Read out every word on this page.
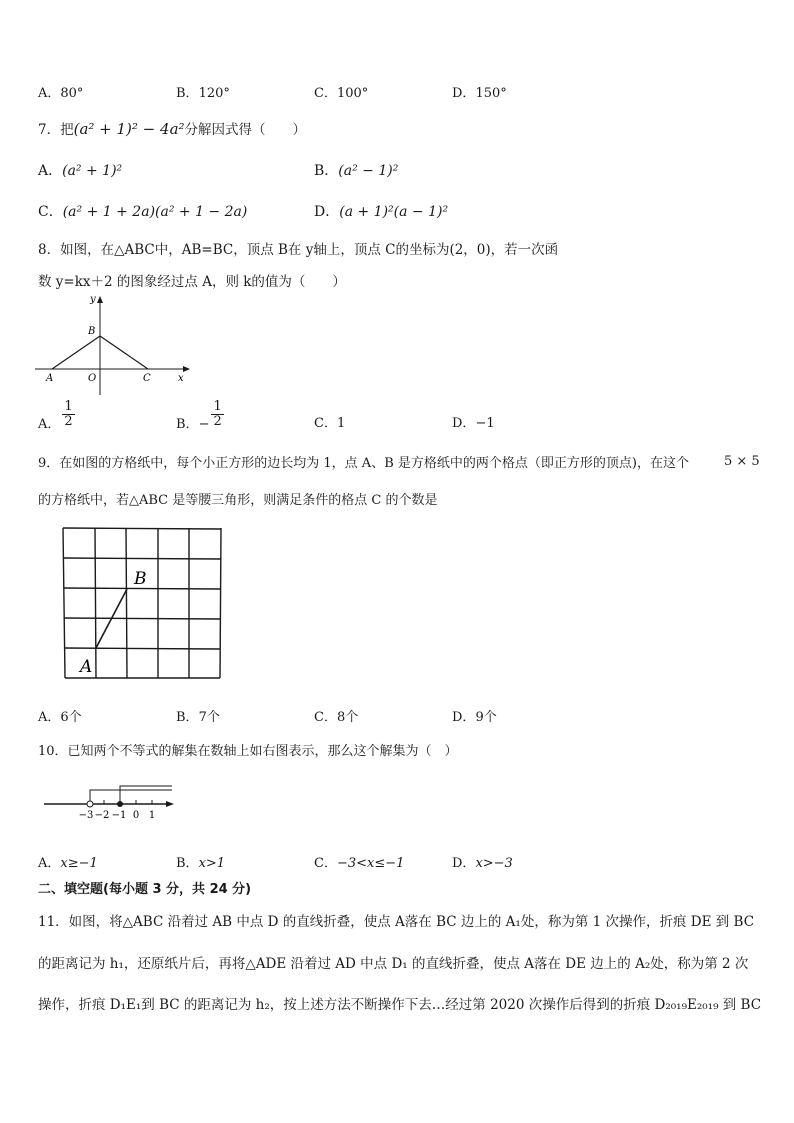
A．80°	B．120°	C．100°	D．150°
7．把(a² + 1)² − 4a²分解因式得（　　）
A．(a² + 1)²	B．(a² − 1)²
C．(a² + 1 + 2a)(a² + 1 − 2a)	D．(a + 1)²(a − 1)²
8．如图，在△ABC中，AB=BC，顶点 B在 y轴上，顶点 C的坐标为(2，0)，若一次函
数 y=kx＋2 的图象经过点 A，则 k的值为（　　）
y
B
A	O	C	x
A． $\frac{1}{2}$	B．− $\frac{1}{2}$	C．1	D．−1
9．在如图的方格纸中，每个小正方形的边长均为 1，点 A、B 是方格纸中的两个格点（即正方形的顶点)，在这个	5 × 5
的方格纸中，若△ABC 是等腰三角形，则满足条件的格点 C 的个数是
B
A
A．6个	B．7个	C．8个	D．9个
10．已知两个不等式的解集在数轴上如右图表示，那么这个解集为（　）
−3 −2 −1 0 1
A．x≥−1	B．x>1	C．−3<x≤−1	D．x>−3
二、填空题(每小题 3 分，共 24 分)
11．如图，将△ABC 沿着过 AB 中点 D 的直线折叠，使点 A落在 BC 边上的 A₁处，称为第 1 次操作，折痕 DE 到 BC
的距离记为 h₁，还原纸片后，再将△ADE 沿着过 AD 中点 D₁ 的直线折叠，使点 A落在 DE 边上的 A₂处，称为第 2 次
操作，折痕 D₁E₁到 BC 的距离记为 h₂，按上述方法不断操作下去…经过第 2020 次操作后得到的折痕 D₂₀₁₉E₂₀₁₉ 到 BC
